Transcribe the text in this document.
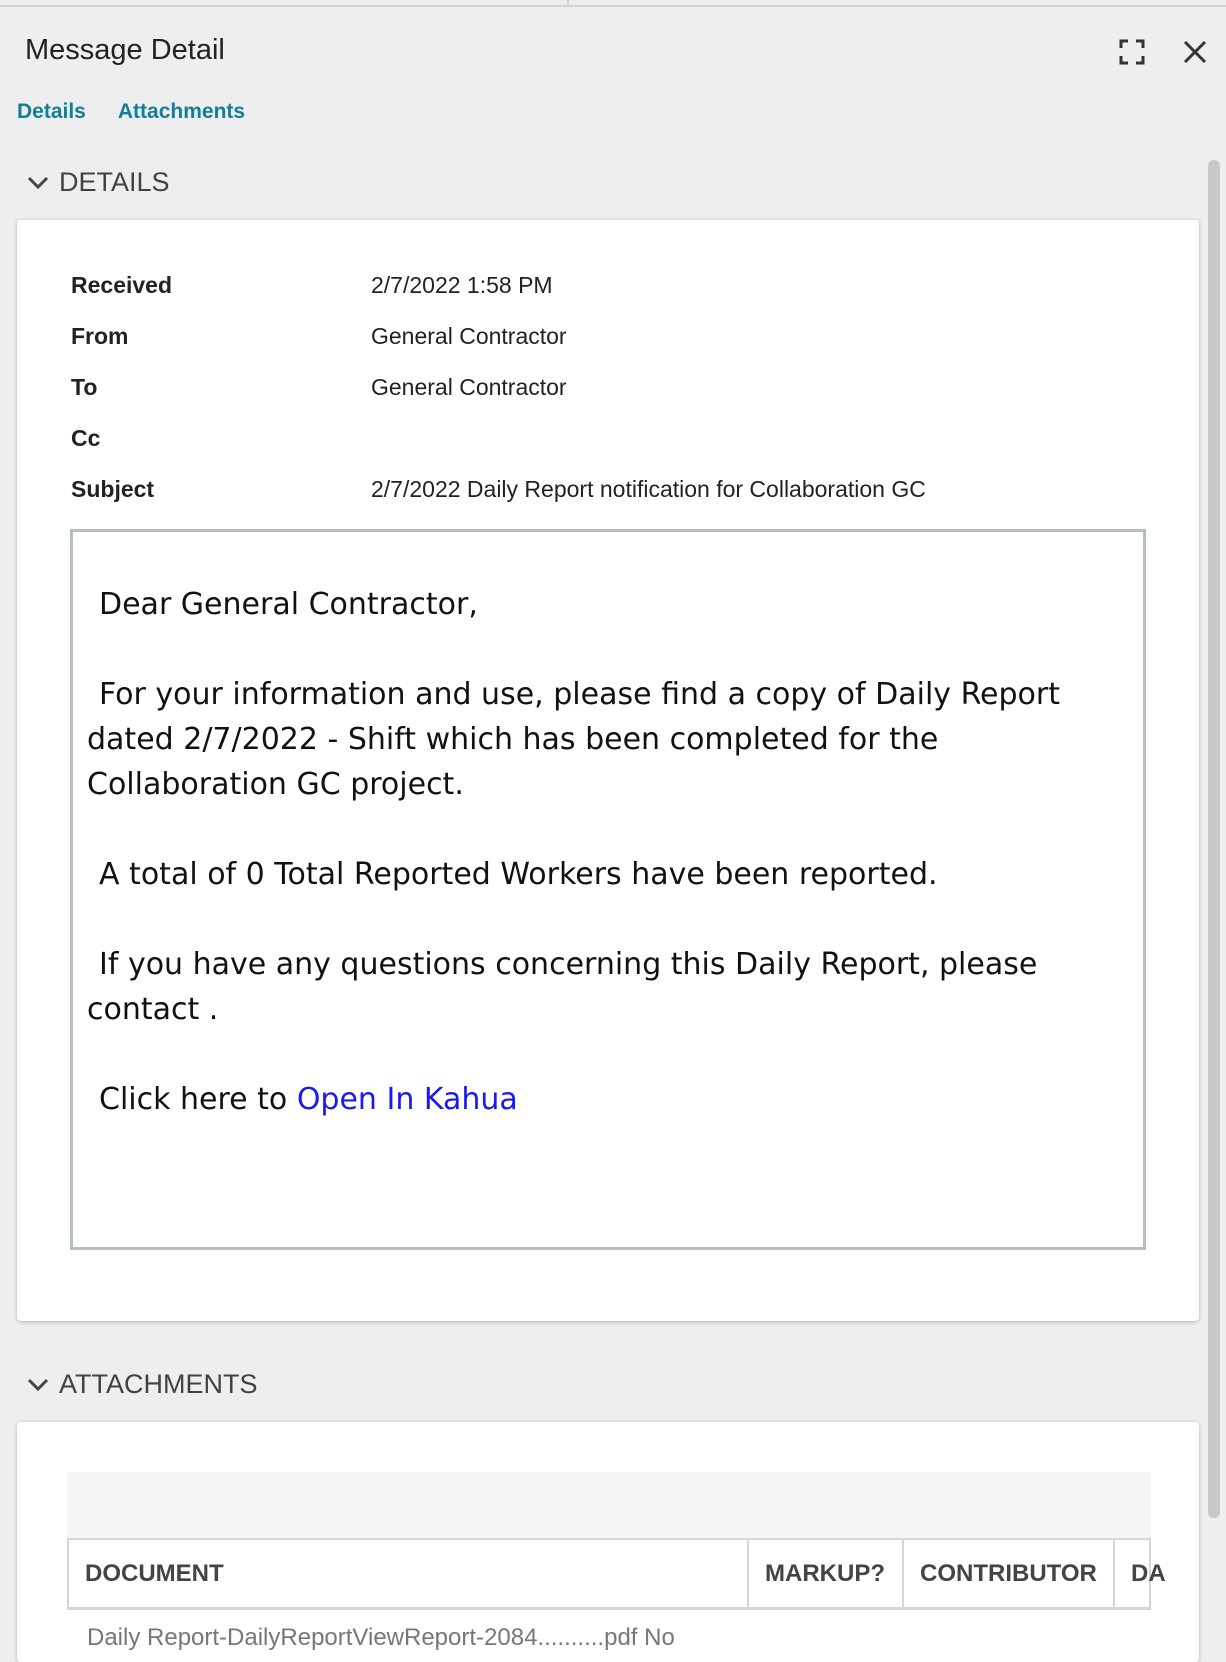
Message Detail
Details Attachments
DETAILS
Received	2/7/2022 1:58 PM
From	General Contractor
To	General Contractor
Cc
Subject	2/7/2022 Daily Report notification for Collaboration GC

Dear General Contractor,

For your information and use, please find a copy of Daily Report
dated 2/7/2022 - Shift which has been completed for the
Collaboration GC project.

A total of 0 Total Reported Workers have been reported.

If you have any questions concerning this Daily Report, please
contact .

Click here to Open In Kahua

ATTACHMENTS
DOCUMENT	MARKUP?	CONTRIBUTOR	DA
Daily Report-DailyReportViewReport-2084..........pdf No
